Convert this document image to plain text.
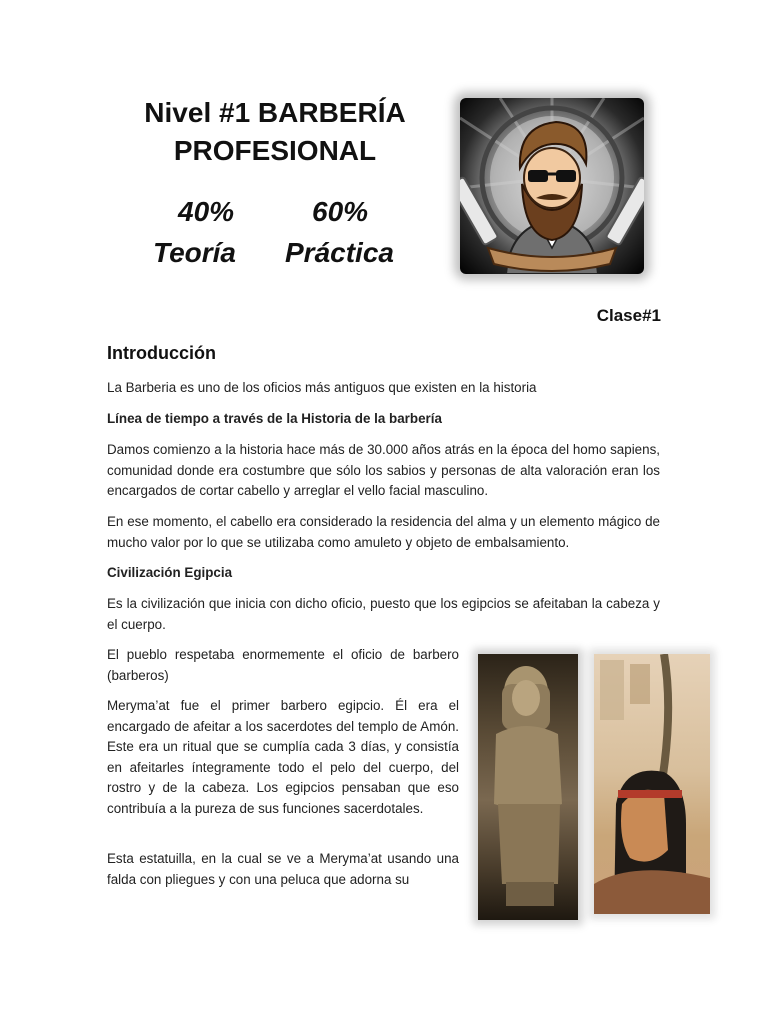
Nivel #1 BARBERÍA
PROFESIONAL
40%	60%
Teoría Práctica
Clase#1
Introducción
La Barberia es uno de los oficios más antiguos que existen en la historia
Línea de tiempo a través de la Historia de la barbería
Damos comienzo a la historia hace más de 30.000 años atrás en la época del homo sapiens, comunidad donde era costumbre que sólo los sabios y personas de alta valoración eran los encargados de cortar cabello y arreglar el vello facial masculino.
En ese momento, el cabello era considerado la residencia del alma y un elemento mágico de mucho valor por lo que se utilizaba como amuleto y objeto de embalsamiento.
Civilización Egipcia
Es la civilización que inicia con dicho oficio, puesto que los egipcios se afeitaban la cabeza y el cuerpo.
El pueblo respetaba enormemente el oficio de barbero (barberos)
Meryma’at fue el primer barbero egipcio. Él era el encargado de afeitar a los sacerdotes del templo de Amón. Este era un ritual que se cumplía cada 3 días, y consistía en afeitarles íntegramente todo el pelo del cuerpo, del rostro y de la cabeza. Los egipcios pensaban que eso contribuía a la pureza de sus funciones sacerdotales.
Esta estatuilla, en la cual se ve a Meryma’at usando una falda con pliegues y con una peluca que adorna su
